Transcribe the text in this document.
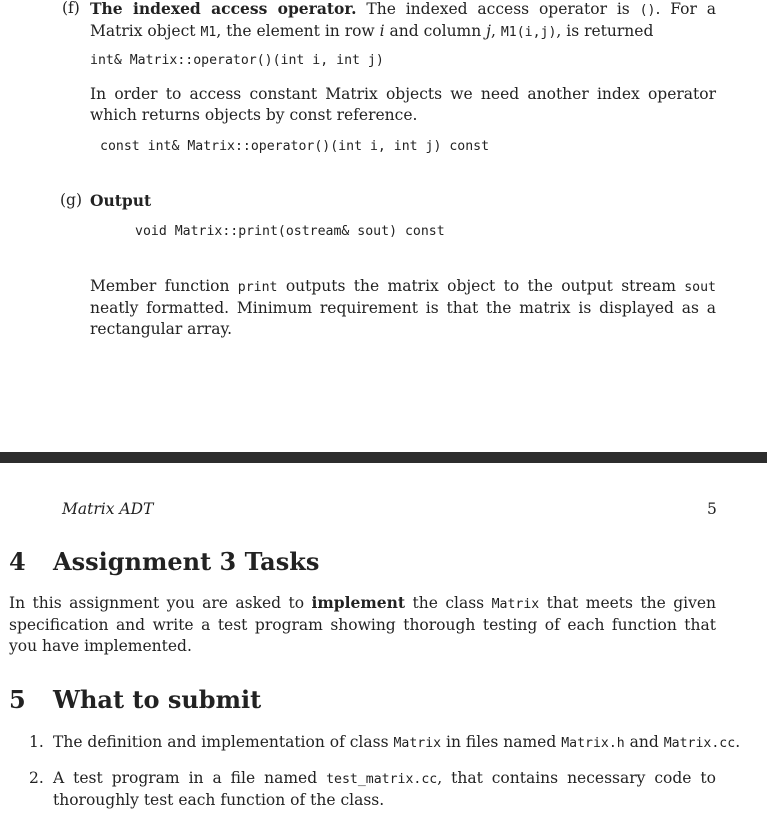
(f) The indexed access operator. The indexed access operator is (). For a Matrix object M1, the element in row i and column j, M1(i,j), is returned
int& Matrix::operator()(int i, int j)
In order to access constant Matrix objects we need another index operator which returns objects by const reference.
const int& Matrix::operator()(int i, int j) const
(g) Output
void Matrix::print(ostream& sout) const
Member function print outputs the matrix object to the output stream sout neatly formatted. Minimum requirement is that the matrix is displayed as a rectangular array.
Matrix ADT	5
4 Assignment 3 Tasks
In this assignment you are asked to implement the class Matrix that meets the given specification and write a test program showing thorough testing of each function that you have implemented.
5 What to submit
1. The definition and implementation of class Matrix in files named Matrix.h and Matrix.cc.
2. A test program in a file named test_matrix.cc, that contains necessary code to thoroughly test each function of the class.
